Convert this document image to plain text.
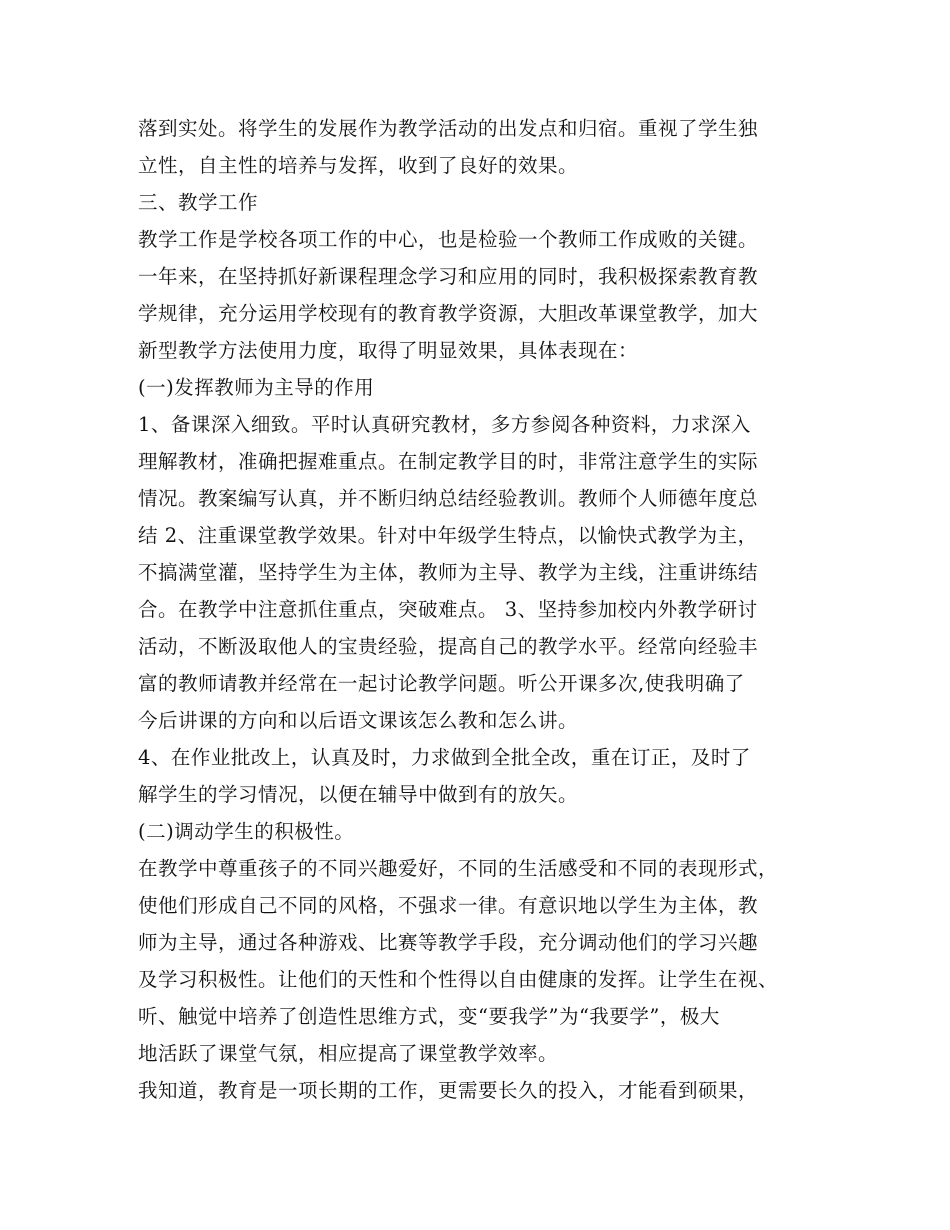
落到实处。将学生的发展作为教学活动的出发点和归宿。重视了学生独
立性，自主性的培养与发挥，收到了良好的效果。
三、教学工作
教学工作是学校各项工作的中心，也是检验一个教师工作成败的关键。
一年来，在坚持抓好新课程理念学习和应用的同时，我积极探索教育教
学规律，充分运用学校现有的教育教学资源，大胆改革课堂教学，加大
新型教学方法使用力度，取得了明显效果，具体表现在：
(一)发挥教师为主导的作用
1、备课深入细致。平时认真研究教材，多方参阅各种资料，力求深入
理解教材，准确把握难重点。在制定教学目的时，非常注意学生的实际
情况。教案编写认真，并不断归纳总结经验教训。教师个人师德年度总
结 2、注重课堂教学效果。针对中年级学生特点，以愉快式教学为主，
不搞满堂灌，坚持学生为主体，教师为主导、教学为主线，注重讲练结
合。在教学中注意抓住重点，突破难点。 3、坚持参加校内外教学研讨
活动，不断汲取他人的宝贵经验，提高自己的教学水平。经常向经验丰
富的教师请教并经常在一起讨论教学问题。听公开课多次,使我明确了
今后讲课的方向和以后语文课该怎么教和怎么讲。
4、在作业批改上，认真及时，力求做到全批全改，重在订正，及时了
解学生的学习情况，以便在辅导中做到有的放矢。
(二)调动学生的积极性。
在教学中尊重孩子的不同兴趣爱好，不同的生活感受和不同的表现形式，
使他们形成自己不同的风格，不强求一律。有意识地以学生为主体，教
师为主导，通过各种游戏、比赛等教学手段，充分调动他们的学习兴趣
及学习积极性。让他们的天性和个性得以自由健康的发挥。让学生在视、
听、触觉中培养了创造性思维方式，变“要我学”为“我要学”，极大
地活跃了课堂气氛，相应提高了课堂教学效率。
我知道，教育是一项长期的工作，更需要长久的投入，才能看到硕果，
